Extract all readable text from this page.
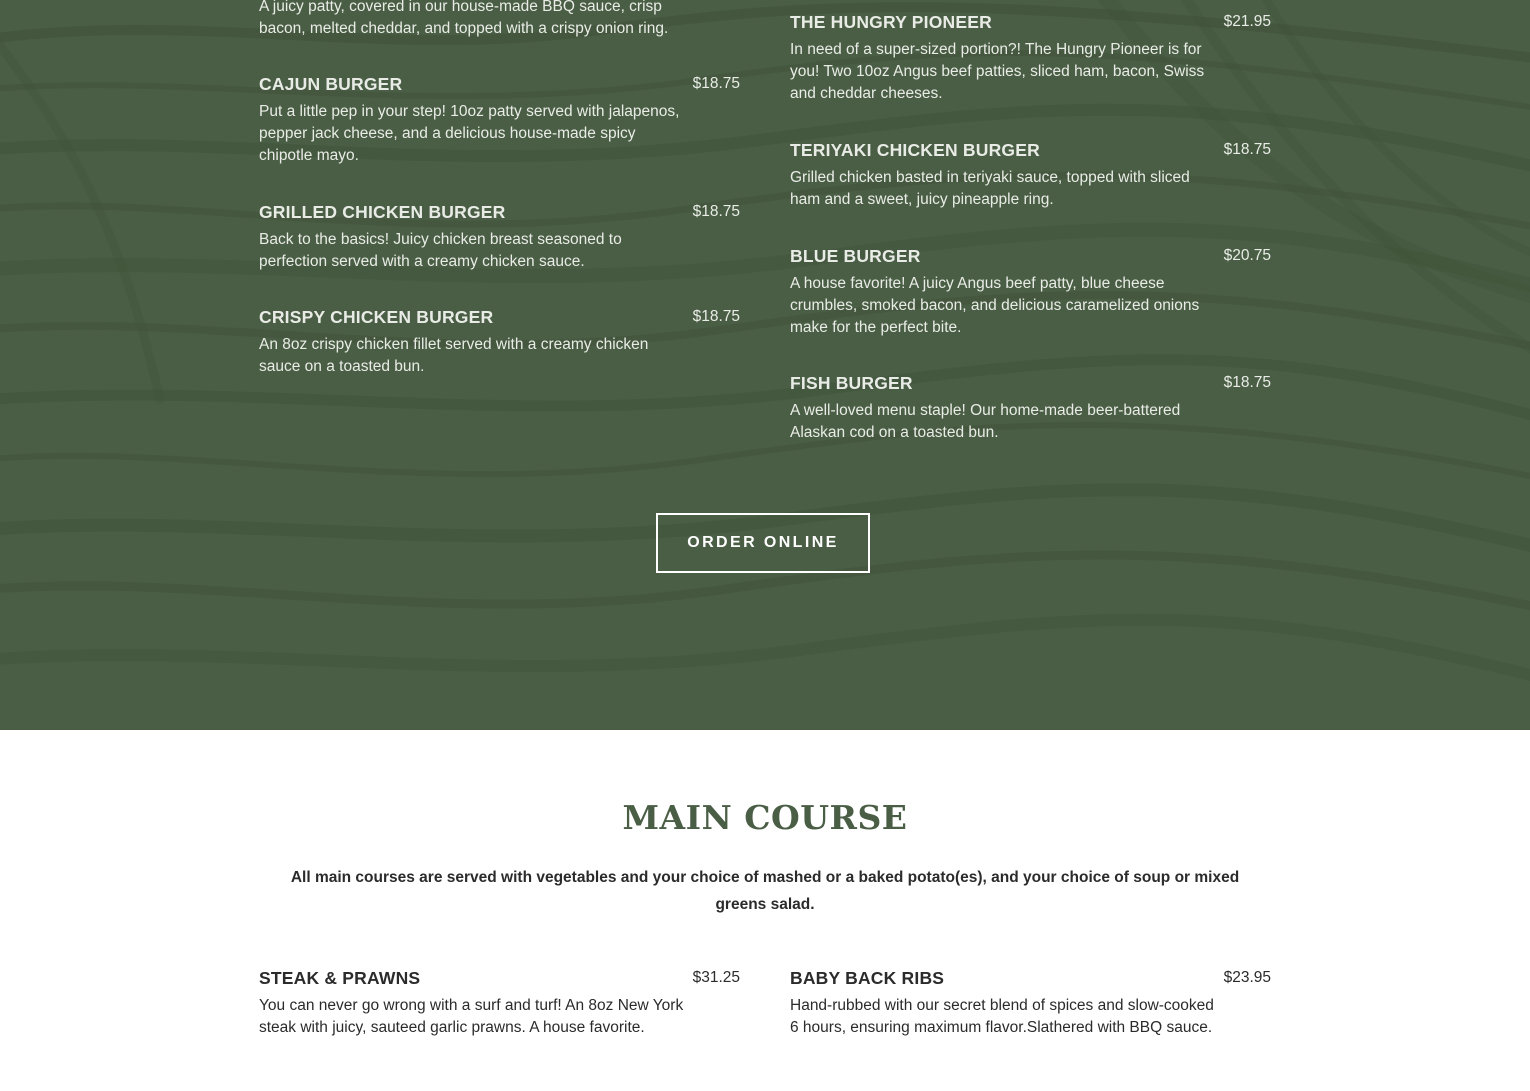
A juicy patty, covered in our house-made BBQ sauce, crisp bacon, melted cheddar, and topped with a crispy onion ring.

CAJUN BURGER	$18.75

Put a little pep in your step! 10oz patty served with jalapenos, pepper jack cheese, and a delicious house-made spicy chipotle mayo.

GRILLED CHICKEN BURGER	$18.75

Back to the basics! Juicy chicken breast seasoned to perfection served with a creamy chicken sauce.

CRISPY CHICKEN BURGER	$18.75

An 8oz crispy chicken fillet served with a creamy chicken sauce on a toasted bun.

THE HUNGRY PIONEER	$21.95

In need of a super-sized portion?! The Hungry Pioneer is for you! Two 10oz Angus beef patties, sliced ham, bacon, Swiss and cheddar cheeses.

TERIYAKI CHICKEN BURGER	$18.75

Grilled chicken basted in teriyaki sauce, topped with sliced ham and a sweet, juicy pineapple ring.

BLUE BURGER	$20.75

A house favorite! A juicy Angus beef patty, blue cheese crumbles, smoked bacon, and delicious caramelized onions make for the perfect bite.

FISH BURGER	$18.75

A well-loved menu staple! Our home-made beer-battered Alaskan cod on a toasted bun.

ORDER ONLINE
MAIN COURSE

All main courses are served with vegetables and your choice of mashed or a baked potato(es), and your choice of soup or mixed greens salad.

STEAK & PRAWNS	$31.25

You can never go wrong with a surf and turf! An 8oz New York steak with juicy, sauteed garlic prawns. A house favorite.

BABY BACK RIBS	$23.95

Hand-rubbed with our secret blend of spices and slow-cooked 6 hours, ensuring maximum flavor.Slathered with BBQ sauce.
